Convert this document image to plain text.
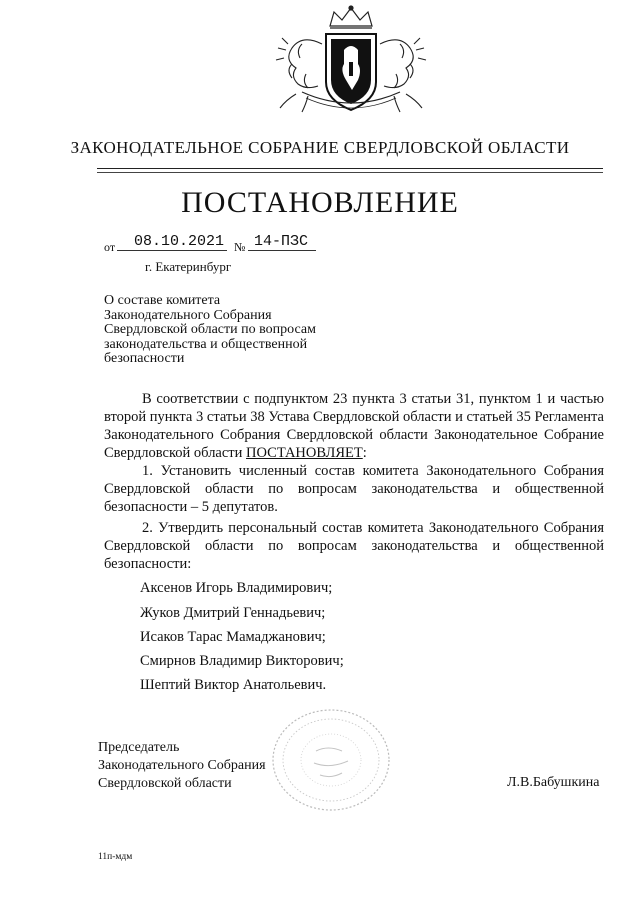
ЗАКОНОДАТЕЛЬНОЕ СОБРАНИЕ СВЕРДЛОВСКОЙ ОБЛАСТИ
ПОСТАНОВЛЕНИЕ
от 08.10.2021 № 14-ПЗС
г. Екатеринбург
О составе комитета Законодательного Собрания Свердловской области по вопросам законодательства и общественной безопасности
В соответствии с подпунктом 23 пункта 3 статьи 31, пунктом 1 и частью второй пункта 3 статьи 38 Устава Свердловской области и статьей 35 Регламента Законодательного Собрания Свердловской области Законодательное Собрание Свердловской области ПОСТАНОВЛЯЕТ:
1. Установить численный состав комитета Законодательного Собрания Свердловской области по вопросам законодательства и общественной безопасности – 5 депутатов.
2. Утвердить персональный состав комитета Законодательного Собрания Свердловской области по вопросам законодательства и общественной безопасности:
Аксенов Игорь Владимирович;
Жуков Дмитрий Геннадьевич;
Исаков Тарас Мамаджанович;
Смирнов Владимир Викторович;
Шептий Виктор Анатольевич.
Председатель
Законодательного Собрания
Свердловской области	Л.В.Бабушкина
11п-мдм
